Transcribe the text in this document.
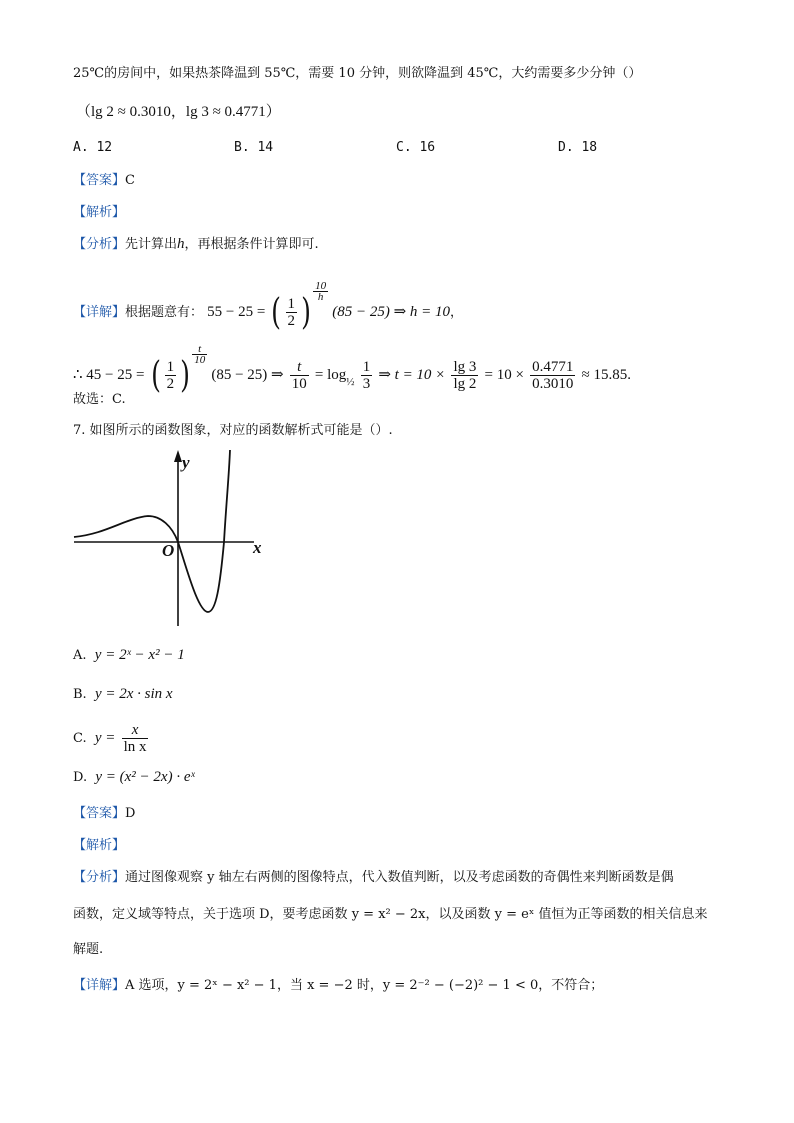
25℃的房间中，如果热茶降温到 55℃，需要 10 分钟，则欲降温到 45℃，大约需要多少分钟（）
（lg 2 ≈ 0.3010，lg 3 ≈ 0.4771）
A. 12	B. 14	C. 16	D. 18
【答案】C
【解析】
【分析】先计算出h，再根据条件计算即可.
【详解】根据题意有： 55 − 25 = ( $\frac{1}{2}$ ) $^{\frac{10}{h}}$
(85 − 25) ⇒ h = 10，
∴ 45 − 25 = ( $\frac{1}{2}$ ) $^{\frac{t}{10}}$
(85 − 25) ⇒ $\frac{t}{10} = \log_{\frac{1}{2}} \frac{1}{3}$ ⇒ $t = 10 \times \frac{\lg 3}{\lg 2} = 10 \times \frac{0.4771}{0.3010} \approx 15.85$.
故选：C.
7. 如图所示的函数图象，对应的函数解析式可能是（）.
y
x
O
A. y = 2ˣ − x² − 1
B. y = 2x · sin x
C. $y = \frac{x}{\text{ln x}}$
D. y = (x² − 2x) · eˣ
【答案】D
【解析】
【分析】通过图像观察 y 轴左右两侧的图像特点，代入数值判断，以及考虑函数的奇偶性来判断函数是偶
函数，定义域等特点，关于选项 D，要考虑函数 y = x² − 2x，以及函数 y = eˣ 值恒为正等函数的相关信息来
解题.
【详解】A 选项，y = 2ˣ − x² − 1，当 x = −2 时，y = 2⁻² − (−2)² − 1 < 0，不符合；
